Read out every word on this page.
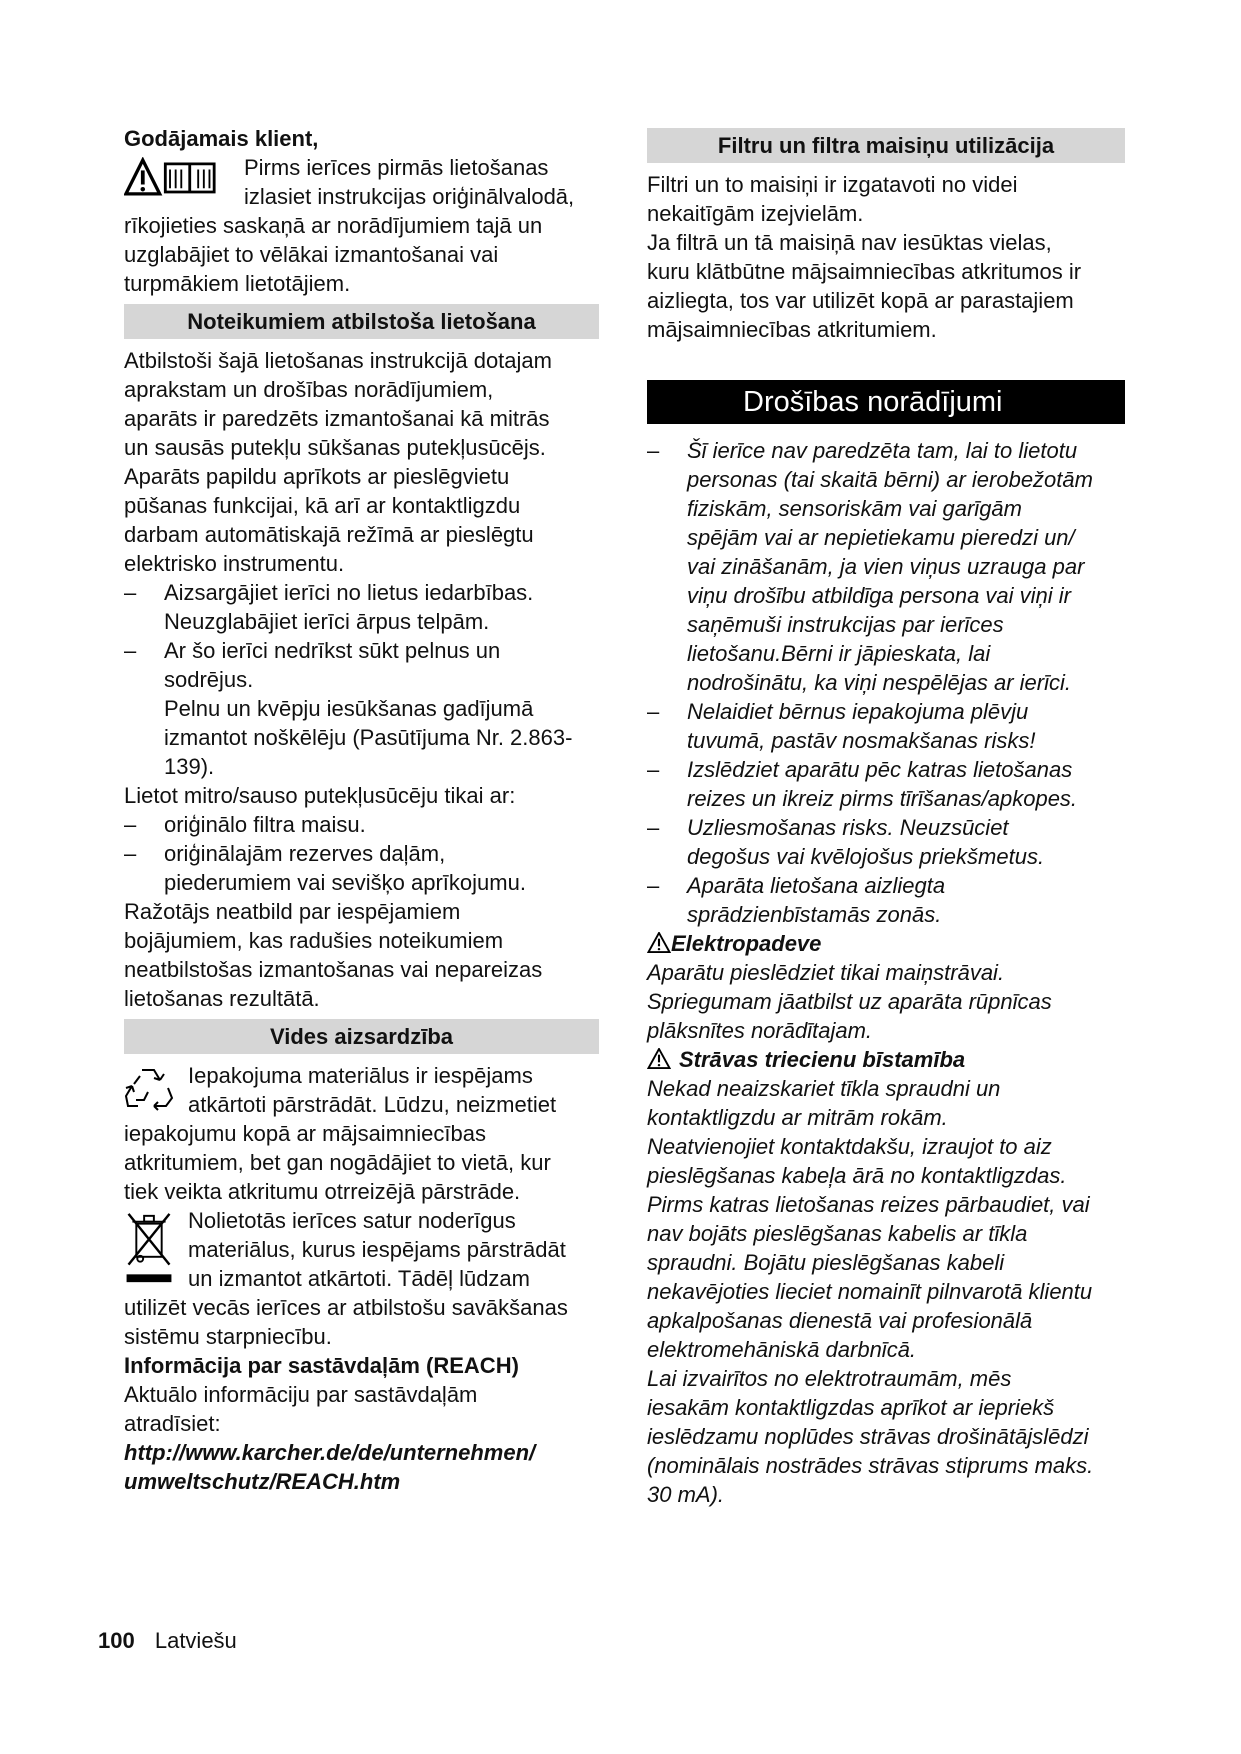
Godājamais klient,

Pirms ierīces pirmās lietošanas

izlasiet instrukcijas oriģinālvalodā,

rīkojieties saskaņā ar norādījumiem tajā un

uzglabājiet to vēlākai izmantošanai vai

turpmākiem lietotājiem.

Noteikumiem atbilstoša lietošana

Atbilstoši šajā lietošanas instrukcijā dotajam

aprakstam un drošības norādījumiem,

aparāts ir paredzēts izmantošanai kā mitrās

un sausās putekļu sūkšanas putekļusūcējs.

Aparāts papildu aprīkots ar pieslēgvietu

pūšanas funkcijai, kā arī ar kontaktligzdu

darbam automātiskajā režīmā ar pieslēgtu

elektrisko instrumentu.

–	Aizsargājiet ierīci no lietus iedarbības.

Neuzglabājiet ierīci ārpus telpām.

–	Ar šo ierīci nedrīkst sūkt pelnus un

sodrējus.

Pelnu un kvēpju iesūkšanas gadījumā

izmantot noškēlēju (Pasūtījuma Nr. 2.863-

139).

Lietot mitro/sauso putekļusūcēju tikai ar:

–	oriģinālo filtra maisu.

–	oriģinālajām rezerves daļām,

piederumiem vai sevišķo aprīkojumu.

Ražotājs neatbild par iespējamiem

bojājumiem, kas radušies noteikumiem

neatbilstošas izmantošanas vai nepareizas

lietošanas rezultātā.

Vides aizsardzība

Iepakojuma materiālus ir iespējams

atkārtoti pārstrādāt. Lūdzu, neizmetiet

iepakojumu kopā ar mājsaimniecības

atkritumiem, bet gan nogādājiet to vietā, kur

tiek veikta atkritumu otrreizējā pārstrāde.

Nolietotās ierīces satur noderīgus

materiālus, kurus iespējams pārstrādāt

un izmantot atkārtoti. Tādēļ lūdzam

utilizēt vecās ierīces ar atbilstošu savākšanas

sistēmu starpniecību.

Informācija par sastāvdaļām (REACH)

Aktuālo informāciju par sastāvdaļām

atradīsiet:

http://www.karcher.de/de/unternehmen/

umweltschutz/REACH.htm

Filtru un filtra maisiņu utilizācija

Filtri un to maisiņi ir izgatavoti no videi

nekaitīgām izejvielām.

Ja filtrā un tā maisiņā nav iesūktas vielas,

kuru klātbūtne mājsaimniecības atkritumos ir

aizliegta, tos var utilizēt kopā ar parastajiem

mājsaimniecības atkritumiem.

Drošības norādījumi
–	Šī ierīce nav paredzēta tam, lai to lietotu

personas (tai skaitā bērni) ar ierobežotām

fiziskām, sensoriskām vai garīgām

spējām vai ar nepietiekamu pieredzi un/

vai zināšanām, ja vien viņus uzrauga par

viņu drošību atbildīga persona vai viņi ir

saņēmuši instrukcijas par ierīces

lietošanu.Bērni ir jāpieskata, lai

nodrošinātu, ka viņi nespēlējas ar ierīci.

–	Nelaidiet bērnus iepakojuma plēvju

tuvumā, pastāv nosmakšanas risks!

–	Izslēdziet aparātu pēc katras lietošanas

reizes un ikreiz pirms tīrīšanas/apkopes.

–	Uzliesmošanas risks. Neuzsūciet

degošus vai kvēlojošus priekšmetus.

–	Aparāta lietošana aizliegta

sprādzienbīstamās zonās.

Elektropadeve

Aparātu pieslēdziet tikai maiņstrāvai.

Spriegumam jāatbilst uz aparāta rūpnīcas

plāksnītes norādītajam.

Strāvas triecienu bīstamība

Nekad neaizskariet tīkla spraudni un

kontaktligzdu ar mitrām rokām.

Neatvienojiet kontaktdakšu, izraujot to aiz

pieslēgšanas kabeļa ārā no kontaktligzdas.

Pirms katras lietošanas reizes pārbaudiet, vai

nav bojāts pieslēgšanas kabelis ar tīkla

spraudni. Bojātu pieslēgšanas kabeli

nekavējoties lieciet nomainīt pilnvarotā klientu

apkalpošanas dienestā vai profesionālā

elektromehāniskā darbnīcā.

Lai izvairītos no elektrotraumām, mēs

iesakām kontaktligzdas aprīkot ar iepriekš

ieslēdzamu noplūdes strāvas drošinātājslēdzi

(nominālais nostrādes strāvas stiprums maks.

30 mA).

100 Latviešu
